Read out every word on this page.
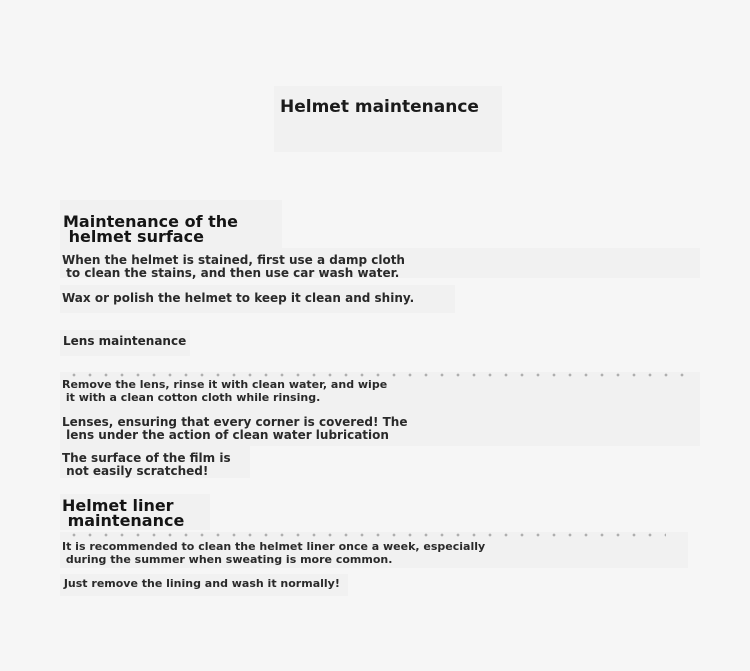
Helmet maintenance

Maintenance of the
helmet surface

When the helmet is stained, first use a damp cloth
to clean the stains, and then use car wash water.

Wax or polish the helmet to keep it clean and shiny.

Lens maintenance

Remove the lens, rinse it with clean water, and wipe
it with a clean cotton cloth while rinsing.

Lenses, ensuring that every corner is covered! The
lens under the action of clean water lubrication

The surface of the film is
not easily scratched!

Helmet liner
maintenance

It is recommended to clean the helmet liner once a week, especially
during the summer when sweating is more common.

Just remove the lining and wash it normally!
